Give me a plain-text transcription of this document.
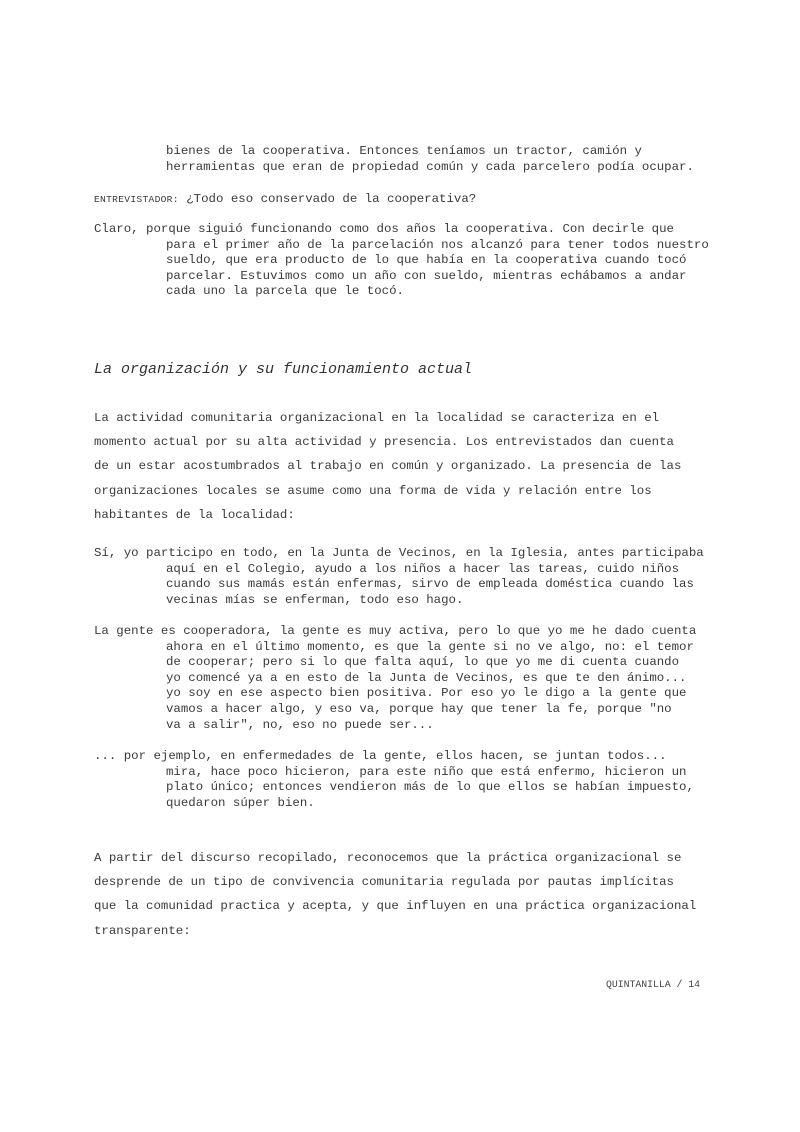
bienes de la cooperativa. Entonces teníamos un tractor, camión y
herramientas que eran de propiedad común y cada parcelero podía ocupar.
ENTREVISTADOR: ¿Todo eso conservado de la cooperativa?
Claro, porque siguió funcionando como dos años la cooperativa. Con decirle que
para el primer año de la parcelación nos alcanzó para tener todos nuestro
sueldo, que era producto de lo que había en la cooperativa cuando tocó
parcelar. Estuvimos como un año con sueldo, mientras echábamos a andar
cada uno la parcela que le tocó.
La organización y su funcionamiento actual
La actividad comunitaria organizacional en la localidad se caracteriza en el
momento actual por su alta actividad y presencia. Los entrevistados dan cuenta
de un estar acostumbrados al trabajo en común y organizado. La presencia de las
organizaciones locales se asume como una forma de vida y relación entre los
habitantes de la localidad:
Sí, yo participo en todo, en la Junta de Vecinos, en la Iglesia, antes participaba
aquí en el Colegio, ayudo a los niños a hacer las tareas, cuido niños
cuando sus mamás están enfermas, sirvo de empleada doméstica cuando las
vecinas mías se enferman, todo eso hago.
La gente es cooperadora, la gente es muy activa, pero lo que yo me he dado cuenta
ahora en el último momento, es que la gente si no ve algo, no: el temor
de cooperar; pero si lo que falta aquí, lo que yo me di cuenta cuando
yo comencé ya a en esto de la Junta de Vecinos, es que te den ánimo...
yo soy en ese aspecto bien positiva. Por eso yo le digo a la gente que
vamos a hacer algo, y eso va, porque hay que tener la fe, porque "no
va a salir", no, eso no puede ser...
... por ejemplo, en enfermedades de la gente, ellos hacen, se juntan todos...
mira, hace poco hicieron, para este niño que está enfermo, hicieron un
plato único; entonces vendieron más de lo que ellos se habían impuesto,
quedaron súper bien.
A partir del discurso recopilado, reconocemos que la práctica organizacional se
desprende de un tipo de convivencia comunitaria regulada por pautas implícitas
que la comunidad practica y acepta, y que influyen en una práctica organizacional
transparente:
QUINTANILLA / 14
